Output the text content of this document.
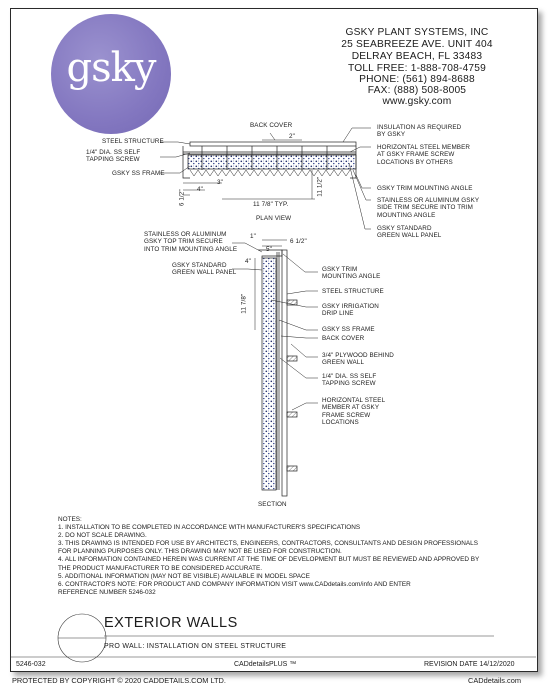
gsky
GSKY PLANT SYSTEMS, INC
25 SEABREEZE AVE. UNIT 404
DELRAY BEACH, FL 33483
TOLL FREE: 1-888-708-4759
PHONE: (561) 894-8688
FAX: (888) 508-8005
www.gsky.com
BACK COVER
2"
STEEL STRUCTURE
1/4" DIA. SS SELF
TAPPING SCREW
GSKY SS FRAME
INSULATION AS REQUIRED
BY GSKY
HORIZONTAL STEEL MEMBER
AT GSKY FRAME SCREW
LOCATIONS BY OTHERS
GSKY TRIM MOUNTING ANGLE
STAINLESS OR ALUMINUM GSKY
SIDE TRIM SECURE INTO TRIM
MOUNTING ANGLE
GSKY STANDARD
GREEN WALL PANEL
6 1/2" 4"
3"	11 1/2"
11 7/8" TYP.
PLAN VIEW
STAINLESS OR ALUMINUM
GSKY TOP TRIM SECURE
INTO TRIM MOUNTING ANGLE
GSKY STANDARD
GREEN WALL PANEL
1"
6 1/2"
5"
4"
11 7/8"
GSKY TRIM
MOUNTING ANGLE
STEEL STRUCTURE
GSKY IRRIGATION
DRIP LINE
GSKY SS FRAME
BACK COVER
3/4" PLYWOOD BEHIND
GREEN WALL
1/4" DIA. SS SELF
TAPPING SCREW
HORIZONTAL STEEL
MEMBER AT GSKY
FRAME SCREW
LOCATIONS
SECTION
NOTES:
1. INSTALLATION TO BE COMPLETED IN ACCORDANCE WITH MANUFACTURER'S SPECIFICATIONS
2. DO NOT SCALE DRAWING.
3. THIS DRAWING IS INTENDED FOR USE BY ARCHITECTS, ENGINEERS, CONTRACTORS, CONSULTANTS AND DESIGN PROFESSIONALS
FOR PLANNING PURPOSES ONLY. THIS DRAWING MAY NOT BE USED FOR CONSTRUCTION.
4. ALL INFORMATION CONTAINED HEREIN WAS CURRENT AT THE TIME OF DEVELOPMENT BUT MUST BE REVIEWED AND APPROVED BY
THE PRODUCT MANUFACTURER TO BE CONSIDERED ACCURATE.
5. ADDITIONAL INFORMATION (MAY NOT BE VISIBLE) AVAILABLE IN MODEL SPACE
6. CONTRACTOR'S NOTE: FOR PRODUCT AND COMPANY INFORMATION VISIT www.CADdetails.com/info AND ENTER
REFERENCE NUMBER 5246-032
EXTERIOR WALLS
PRO WALL: INSTALLATION ON STEEL STRUCTURE
5246-032	CADdetailsPLUS ™	REVISION DATE 14/12/2020
PROTECTED BY COPYRIGHT © 2020 CADDETAILS.COM LTD.	CADdetails.com
